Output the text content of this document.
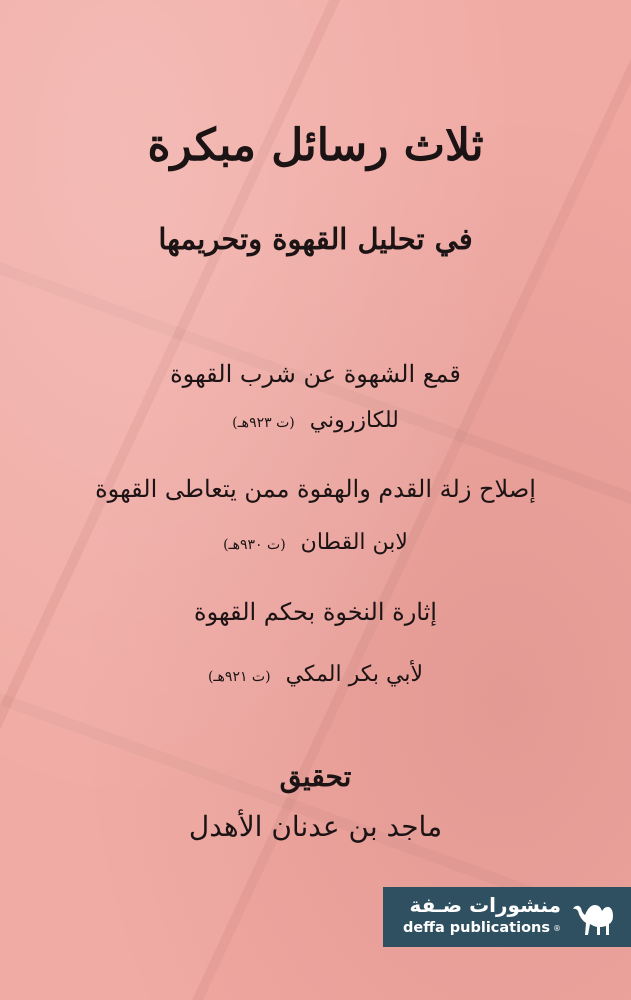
ثلاث رسائل مبكرة
في تحليل القهوة وتحريمها
قمع الشهوة عن شرب القهوة
للكازروني (ت ٩٢٣هـ)
إصلاح زلة القدم والهفوة ممن يتعاطى القهوة
لابن القطان (ت ٩٣٠هـ)
إثارة النخوة بحكم القهوة
لأبي بكر المكي (ت ٩٢١هـ)
تحقيق
ماجد بن عدنان الأهدل
منشورات ضـفة
deffa publications ®
